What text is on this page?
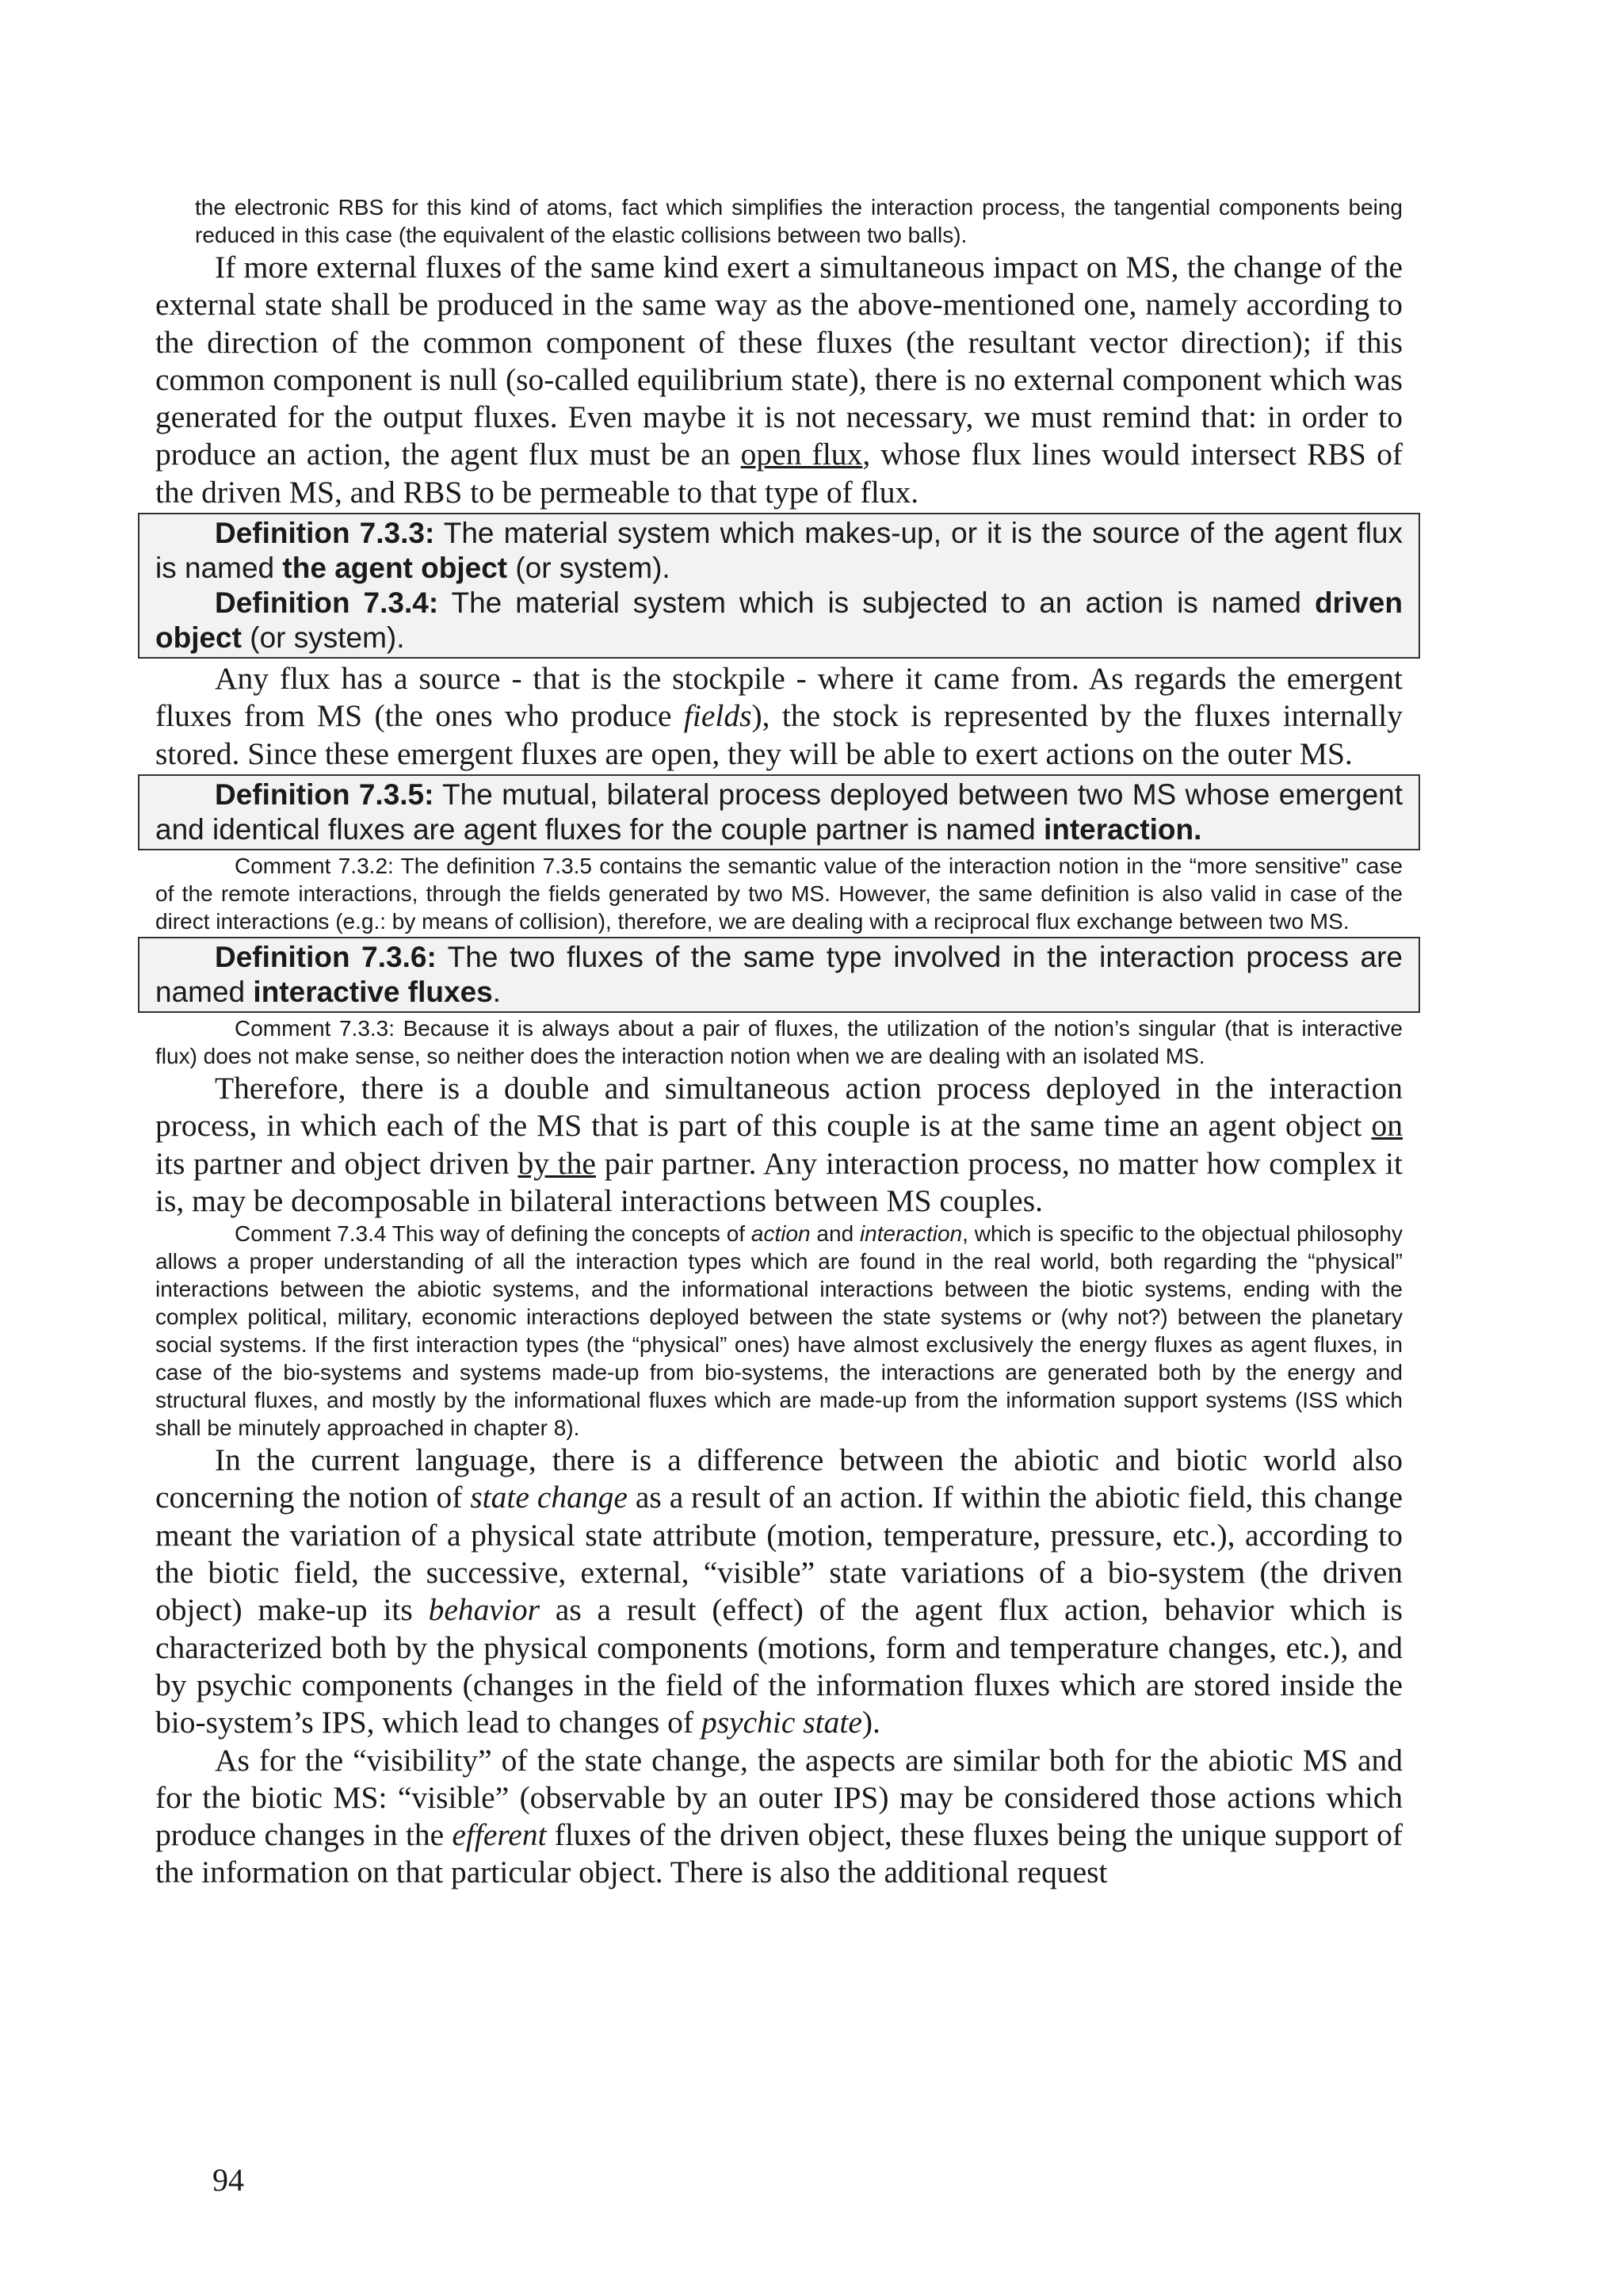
the electronic RBS for this kind of atoms, fact which simplifies the interaction process, the tangential components being reduced in this case (the equivalent of the elastic collisions between two balls).

If more external fluxes of the same kind exert a simultaneous impact on MS, the change of the external state shall be produced in the same way as the above-mentioned one, namely according to the direction of the common component of these fluxes (the resultant vector direction); if this common component is null (so-called equilibrium state), there is no external component which was generated for the output fluxes. Even maybe it is not necessary, we must remind that: in order to produce an action, the agent flux must be an open flux, whose flux lines would intersect RBS of the driven MS, and RBS to be permeable to that type of flux.

Definition 7.3.3: The material system which makes-up, or it is the source of the agent flux is named the agent object (or system).

Definition 7.3.4: The material system which is subjected to an action is named driven object (or system).

Any flux has a source - that is the stockpile - where it came from. As regards the emergent fluxes from MS (the ones who produce fields), the stock is represented by the fluxes internally stored. Since these emergent fluxes are open, they will be able to exert actions on the outer MS.

Definition 7.3.5: The mutual, bilateral process deployed between two MS whose emergent and identical fluxes are agent fluxes for the couple partner is named interaction.

Comment 7.3.2: The definition 7.3.5 contains the semantic value of the interaction notion in the “more sensitive” case of the remote interactions, through the fields generated by two MS. However, the same definition is also valid in case of the direct interactions (e.g.: by means of collision), therefore, we are dealing with a reciprocal flux exchange between two MS.

Definition 7.3.6: The two fluxes of the same type involved in the interaction process are named interactive fluxes.

Comment 7.3.3: Because it is always about a pair of fluxes, the utilization of the notion’s singular (that is interactive flux) does not make sense, so neither does the interaction notion when we are dealing with an isolated MS.

Therefore, there is a double and simultaneous action process deployed in the interaction process, in which each of the MS that is part of this couple is at the same time an agent object on its partner and object driven by the pair partner. Any interaction process, no matter how complex it is, may be decomposable in bilateral interactions between MS couples.

Comment 7.3.4 This way of defining the concepts of action and interaction, which is specific to the objectual philosophy allows a proper understanding of all the interaction types which are found in the real world, both regarding the “physical” interactions between the abiotic systems, and the informational interactions between the biotic systems, ending with the complex political, military, economic interactions deployed between the state systems or (why not?) between the planetary social systems. If the first interaction types (the “physical” ones) have almost exclusively the energy fluxes as agent fluxes, in case of the bio-systems and systems made-up from bio-systems, the interactions are generated both by the energy and structural fluxes, and mostly by the informational fluxes which are made-up from the information support systems (ISS which shall be minutely approached in chapter 8).

In the current language, there is a difference between the abiotic and biotic world also concerning the notion of state change as a result of an action. If within the abiotic field, this change meant the variation of a physical state attribute (motion, temperature, pressure, etc.), according to the biotic field, the successive, external, “visible” state variations of a bio-system (the driven object) make-up its behavior as a result (effect) of the agent flux action, behavior which is characterized both by the physical components (motions, form and temperature changes, etc.), and by psychic components (changes in the field of the information fluxes which are stored inside the bio-system’s IPS, which lead to changes of psychic state).

As for the “visibility” of the state change, the aspects are similar both for the abiotic MS and for the biotic MS: “visible” (observable by an outer IPS) may be considered those actions which produce changes in the efferent fluxes of the driven object, these fluxes being the unique support of the information on that particular object. There is also the additional request

94
